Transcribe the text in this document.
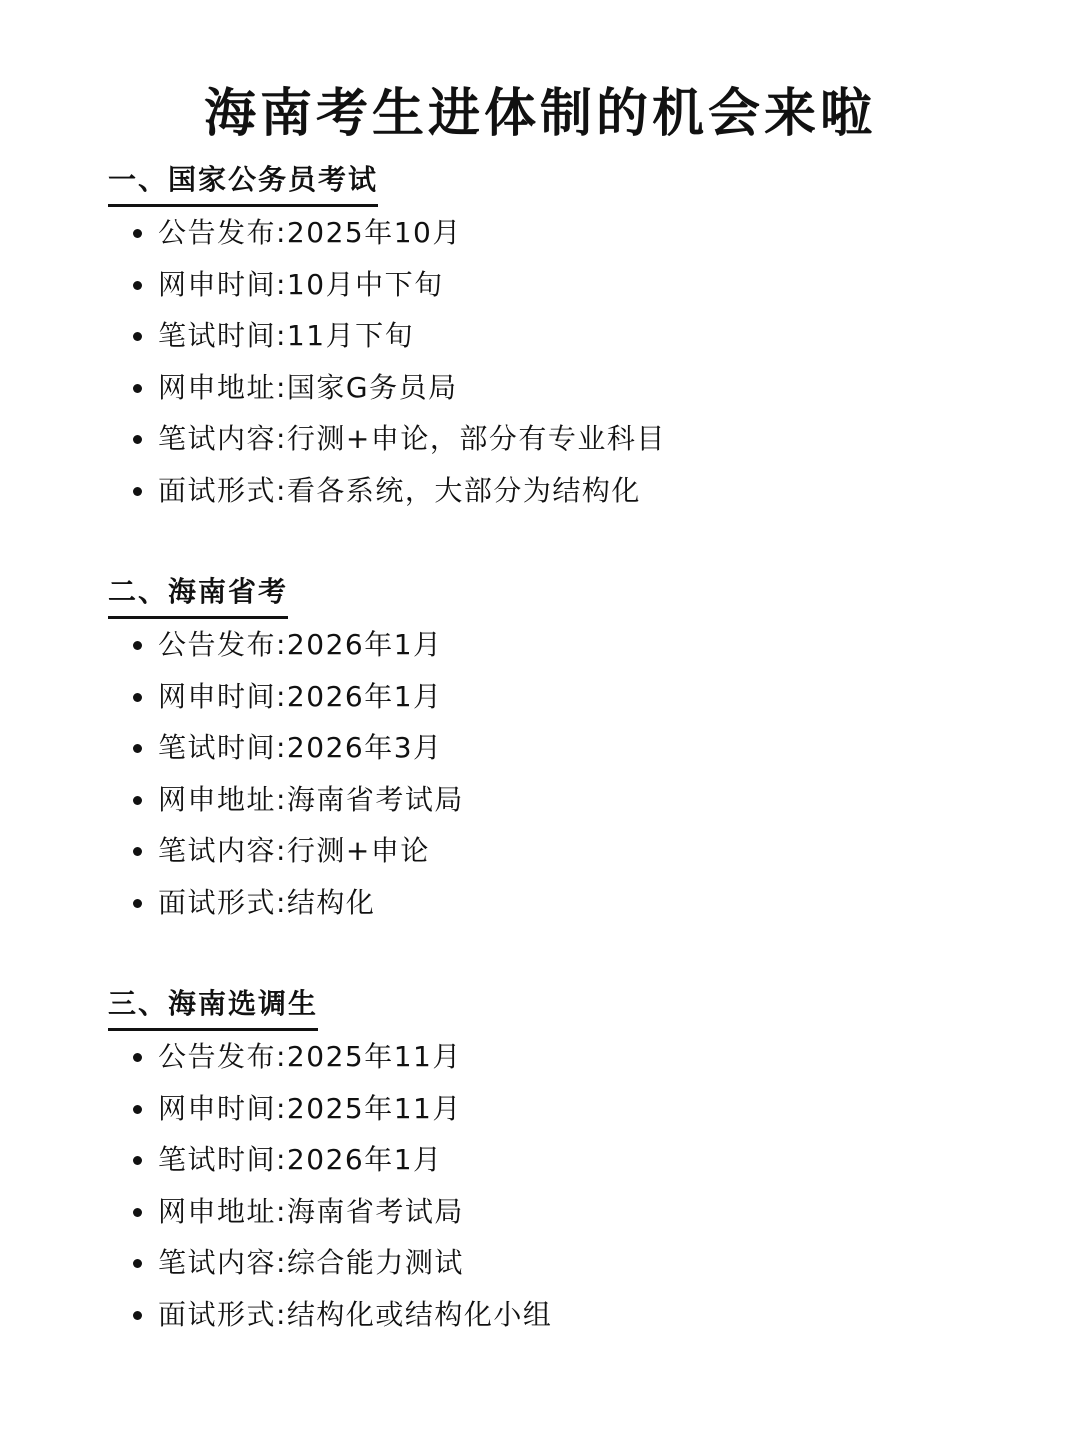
海南考生进体制的机会来啦
一、国家公务员考试
公告发布:2025年10月
网申时间:10月中下旬
笔试时间:11月下旬
网申地址:国家G务员局
笔试内容:行测+申论，部分有专业科目
面试形式:看各系统，大部分为结构化
二、海南省考
公告发布:2026年1月
网申时间:2026年1月
笔试时间:2026年3月
网申地址:海南省考试局
笔试内容:行测+申论
面试形式:结构化
三、海南选调生
公告发布:2025年11月
网申时间:2025年11月
笔试时间:2026年1月
网申地址:海南省考试局
笔试内容:综合能力测试
面试形式:结构化或结构化小组
